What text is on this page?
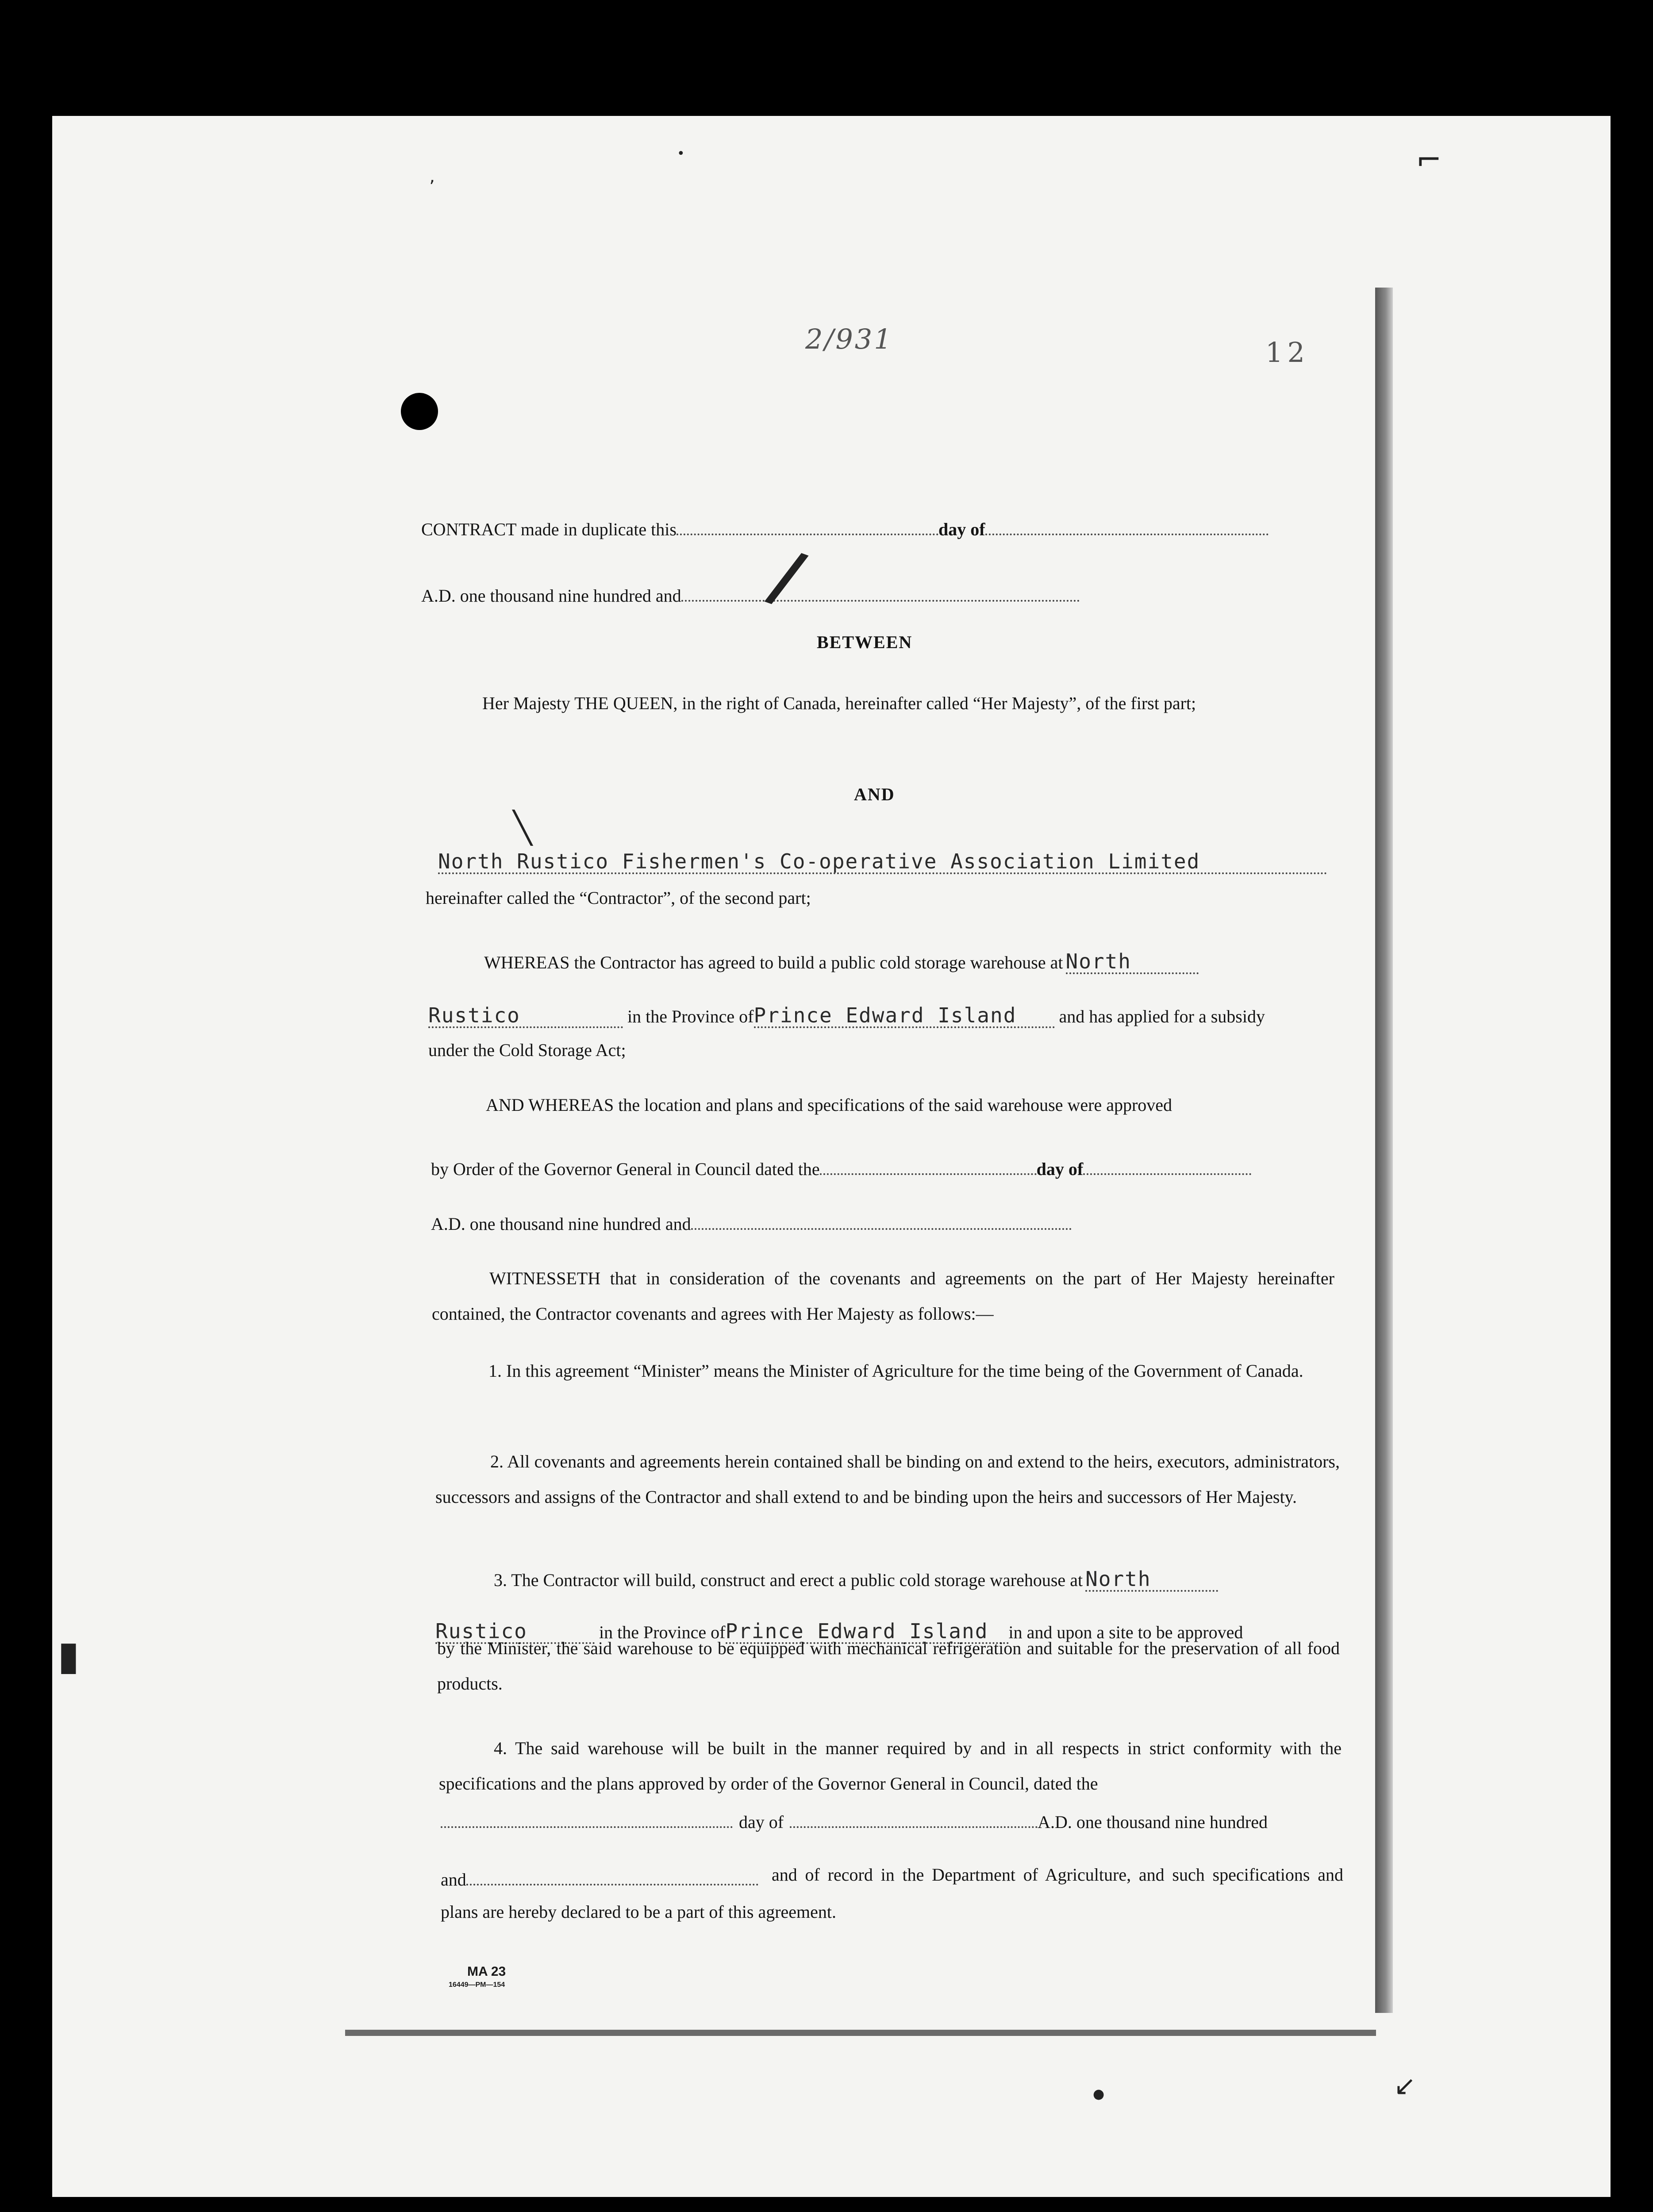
⌐
ʼ
•
▮
2/931	12
CONTRACT made in duplicate this	day of
A.D. one thousand nine hundred and	/
BETWEEN
Her Majesty THE QUEEN, in the right of Canada, hereinafter called “Her Majesty”, of the first part;
AND
╲
North Rustico Fishermen's Co-operative Association Limited
hereinafter called the “Contractor”, of the second part;
WHEREAS the Contractor has agreed to build a public cold storage warehouse at North
Rustico	in the Province ofPrince Edward Island and has applied for a subsidy
under the Cold Storage Act;
AND WHEREAS the location and plans and specifications of the said warehouse were approved
by Order of the Governor General in Council dated the	day of
A.D. one thousand nine hundred and
WITNESSETH that in consideration of the covenants and agreements on the part of Her Majesty hereinafter contained, the Contractor covenants and agrees with Her Majesty as follows:—
1. In this agreement “Minister” means the Minister of Agriculture for the time being of the Government of Canada.
2. All covenants and agreements herein contained shall be binding on and extend to the heirs, executors, administrators, successors and assigns of the Contractor and shall extend to and be binding upon the heirs and successors of Her Majesty.
3. The Contractor will build, construct and erect a public cold storage warehouse at North
Rustico	in the Province ofPrince Edward Island in and upon a site to be approved
by the Minister, the said warehouse to be equipped with mechanical refrigeration and suitable for the preservation of all food products.
4. The said warehouse will be built in the manner required by and in all respects in strict conformity with the specifications and the plans approved by order of the Governor General in Council, dated the
day of	A.D. one thousand nine hundred
and	and of record in the Department of Agriculture, and such specifications and plans are hereby declared to be a part of this agreement.
MA 23
16449—PM—154
●	↙
